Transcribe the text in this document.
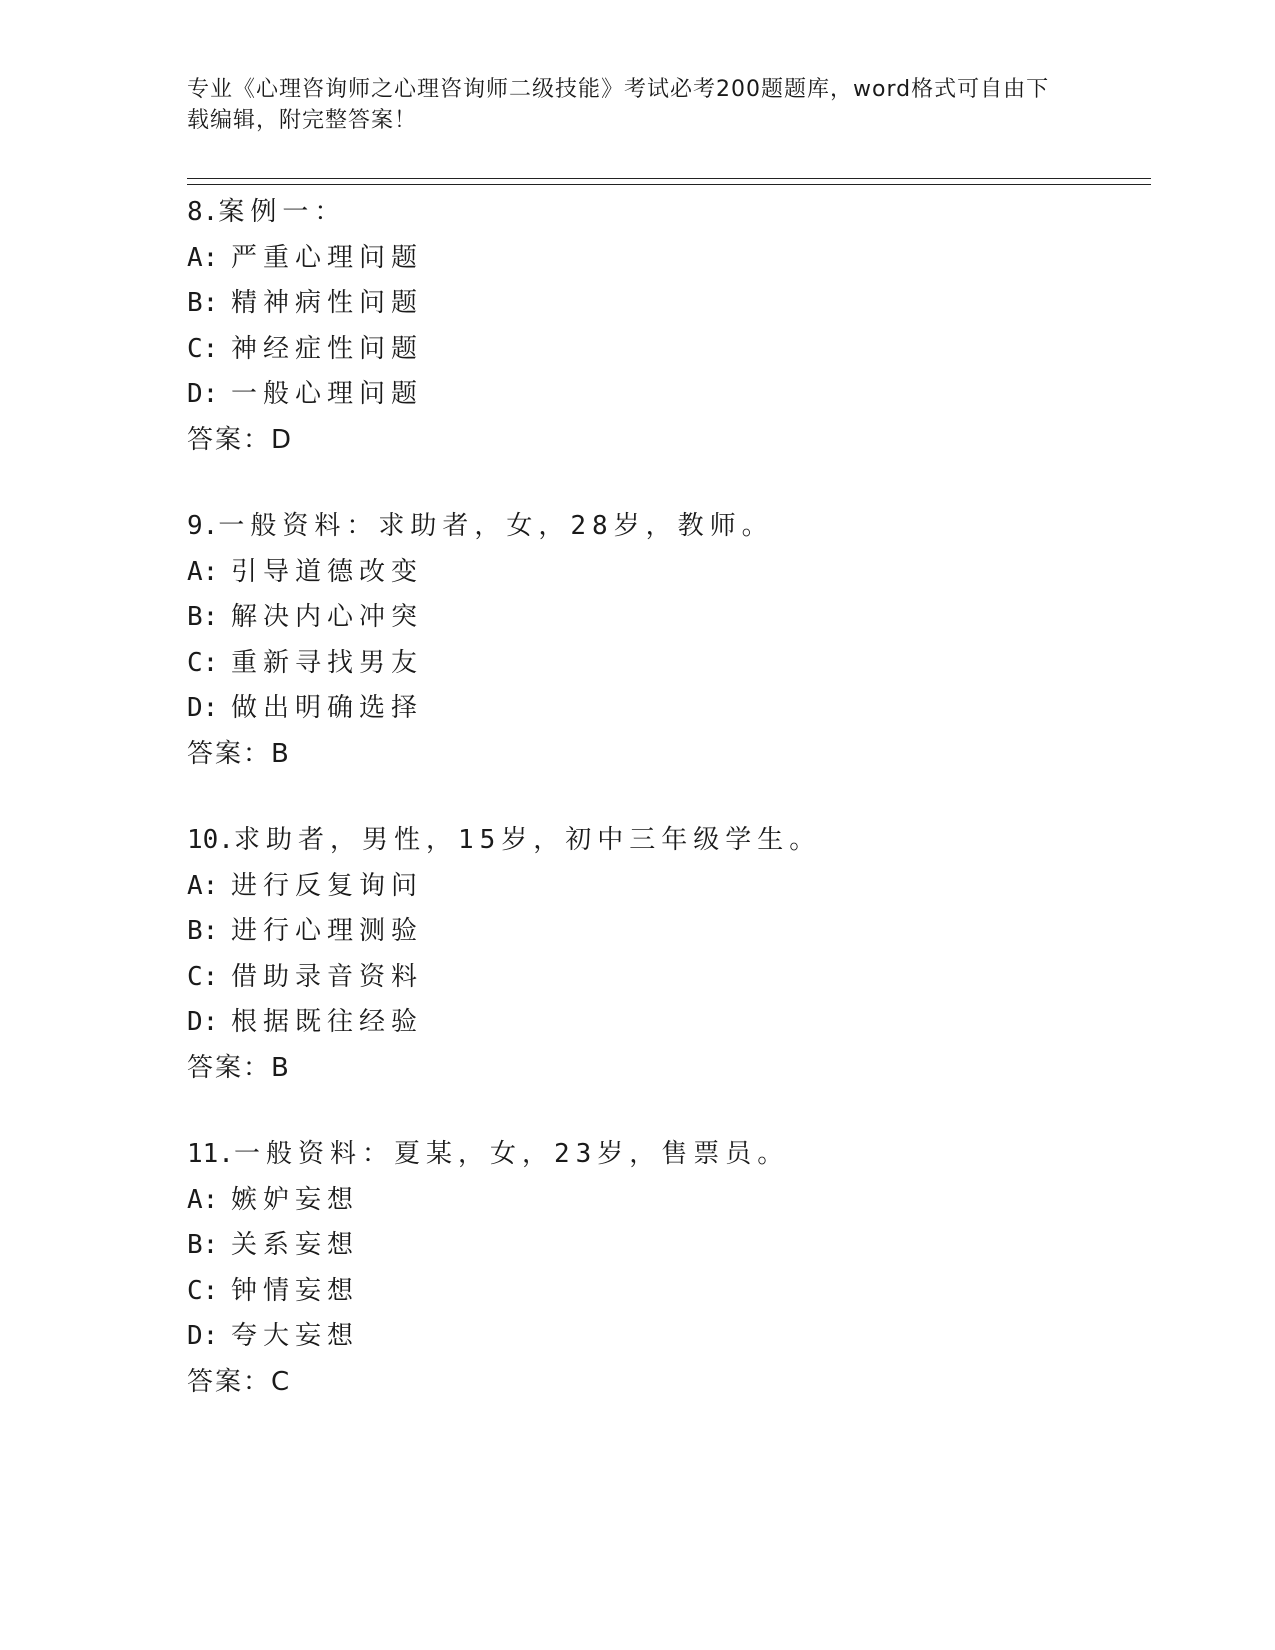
专业《心理咨询师之心理咨询师二级技能》考试必考200题题库，word格式可自由下载编辑，附完整答案！
8.案例一：
A: 严重心理问题
B: 精神病性问题
C: 神经症性问题
D: 一般心理问题
答案：D
9.一般资料：求助者，女，28岁，教师。
A: 引导道德改变
B: 解决内心冲突
C: 重新寻找男友
D: 做出明确选择
答案：B
10.求助者，男性，15岁，初中三年级学生。
A: 进行反复询问
B: 进行心理测验
C: 借助录音资料
D: 根据既往经验
答案：B
11.一般资料：夏某，女，23岁，售票员。
A: 嫉妒妄想
B: 关系妄想
C: 钟情妄想
D: 夸大妄想
答案：C
